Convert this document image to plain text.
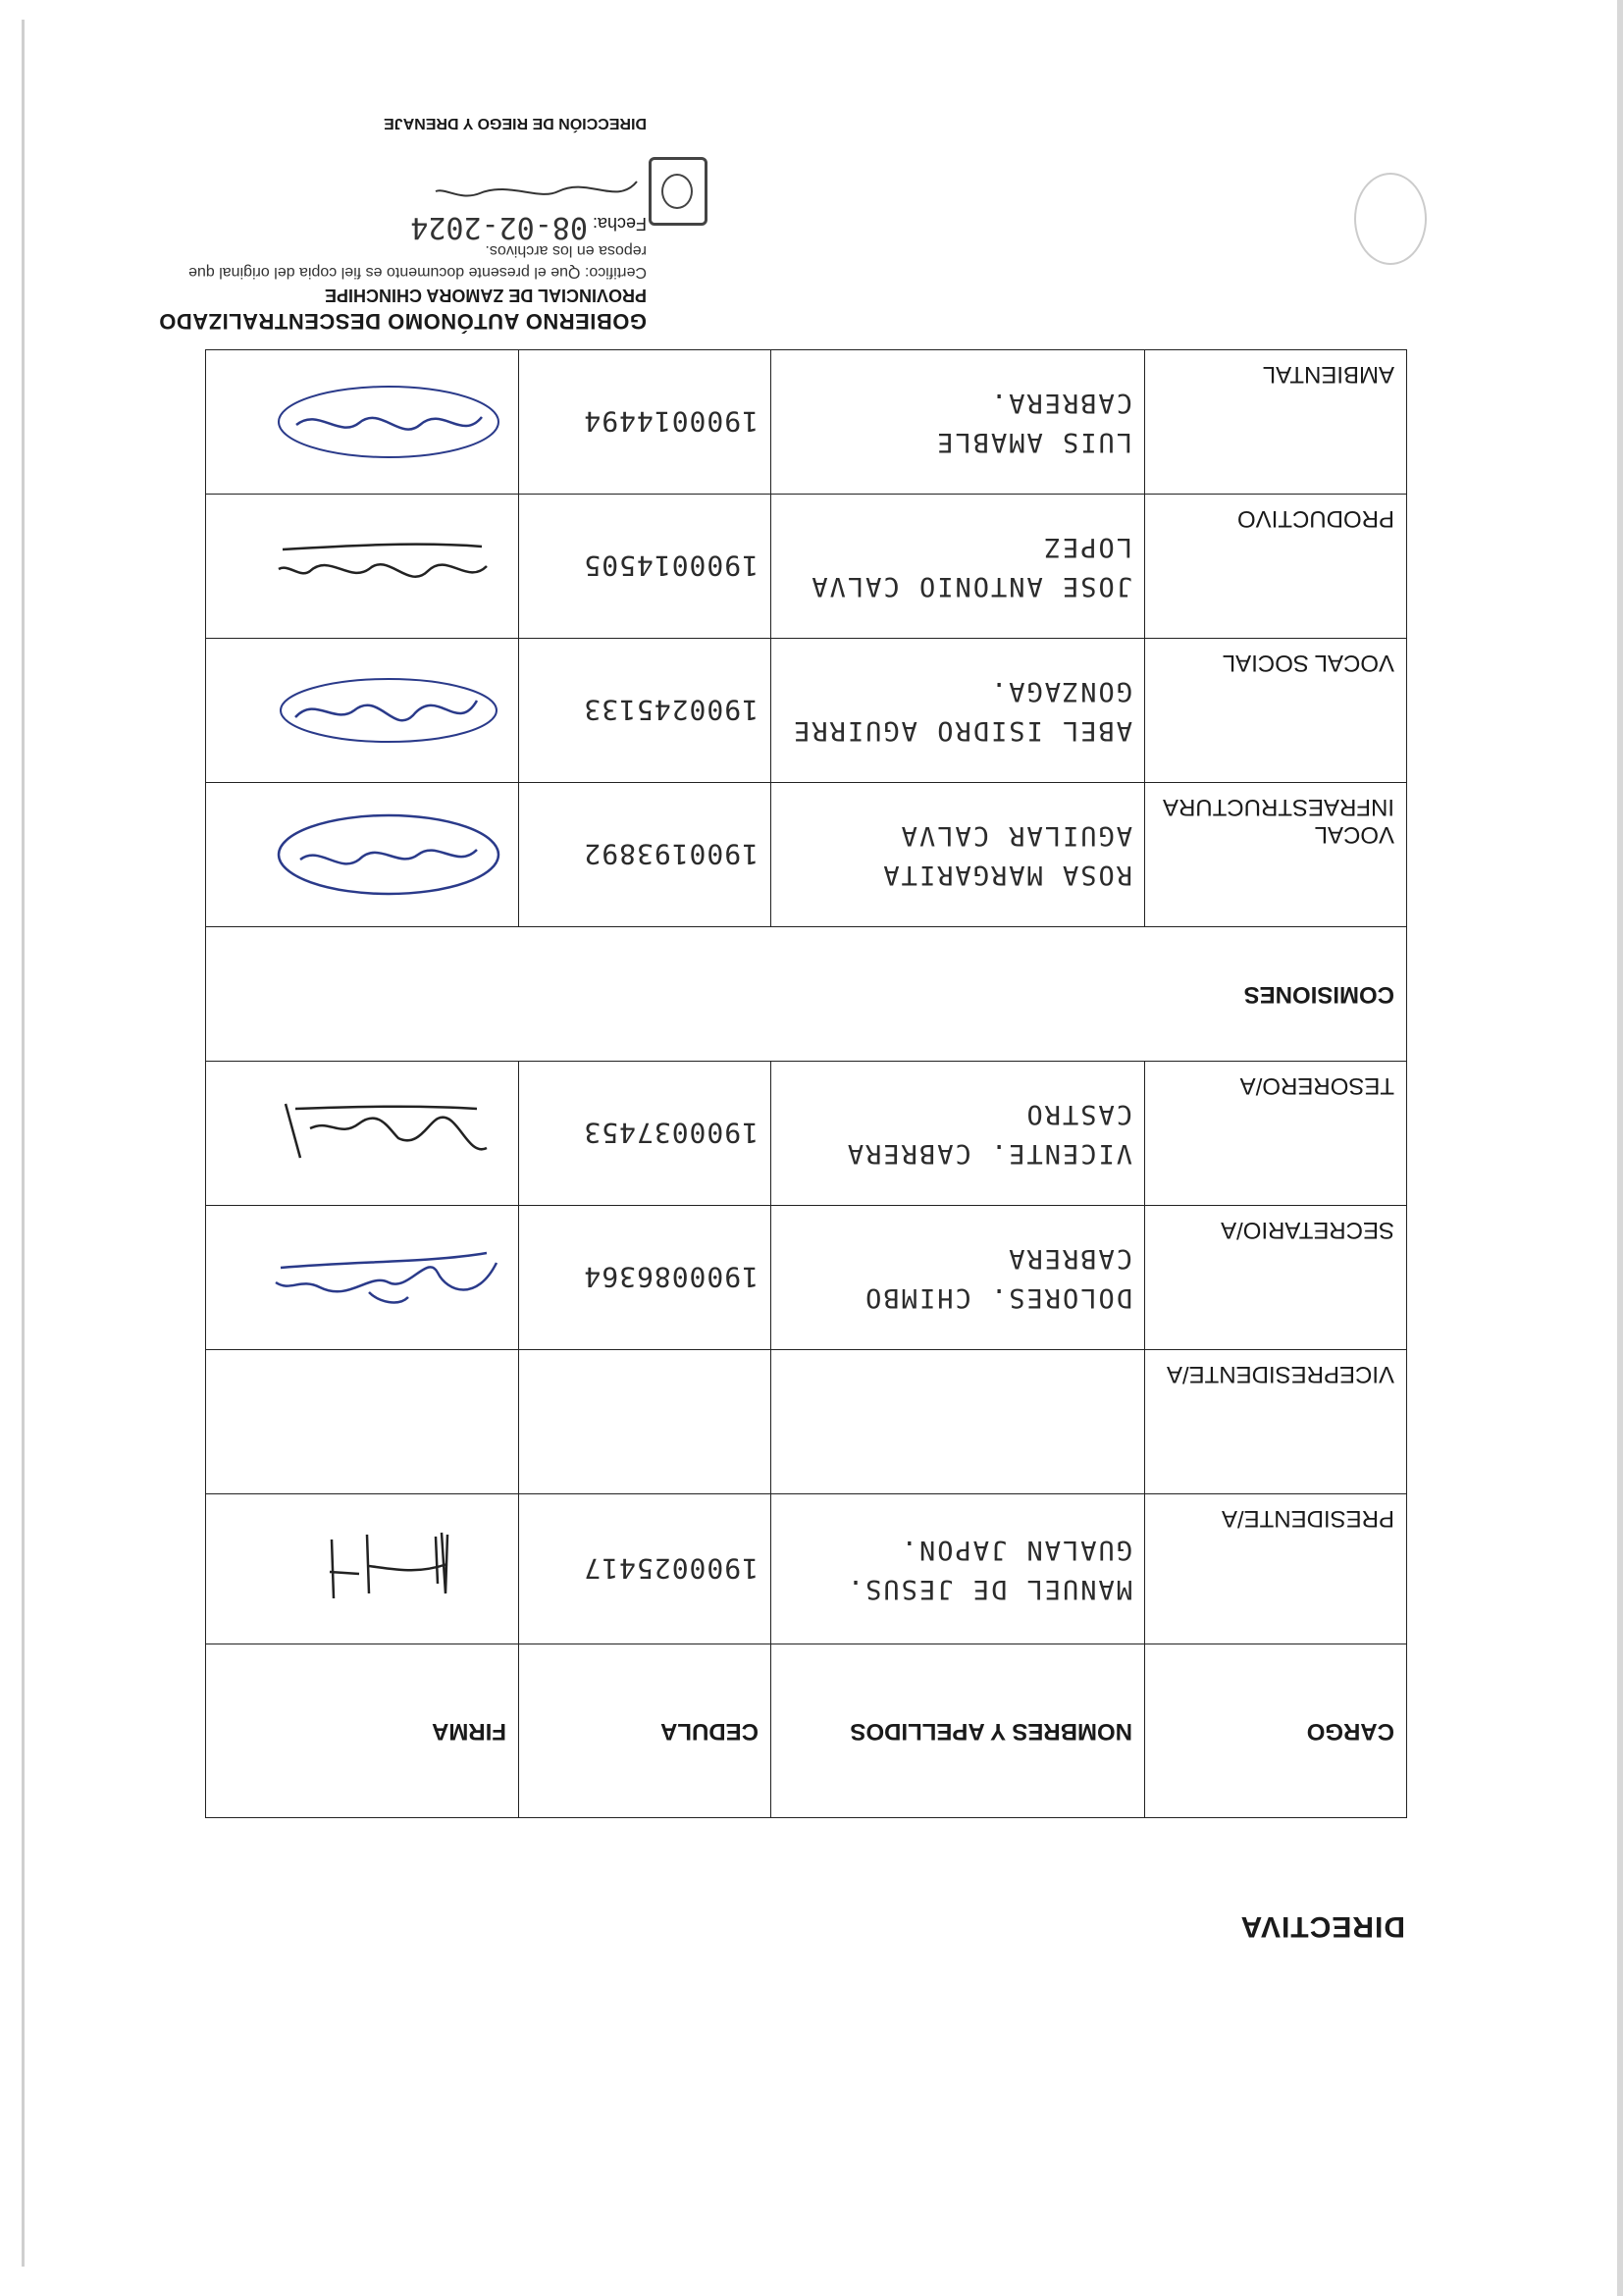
DIRECTIVA
CARGO	NOMBRES Y APELLIDOS	CEDULA	FIRMA
PRESIDENTE/A	MANUEL DE JESUS. GUALAN JAPON.	1900025417	

VICEPRESIDENTE/A			
SECRETARIO/A	DOLORES. CHIMBO CABRERA	1900086364	

TESORERO/A	VICENTE. CABRERA CASTRO	1900037453	

COMISIONES			
VOCAL INFRAESTRUCTURA	ROSA MARGARITA AGUILAR CALVA	1900193892	

VOCAL SOCIAL	ABEL ISIDRO AGUIRRE GONZAGA.	1900245133	

PRODUCTIVO	JOSE ANTONIO CALVA LOPEZ	1900014505	

AMBIENTAL	LUIS AMABLE CABRERA.	1900014494	
GOBIERNO AUTÓNOMO DESCENTRALIZADO
PROVINCIAL DE ZAMORA CHINCHIPE
Certifico: Que el presente documento es fiel copia del original que reposa en los archivos.
Fecha: 08-02-2024
DIRECCIÓN DE RIEGO Y DRENAJE
